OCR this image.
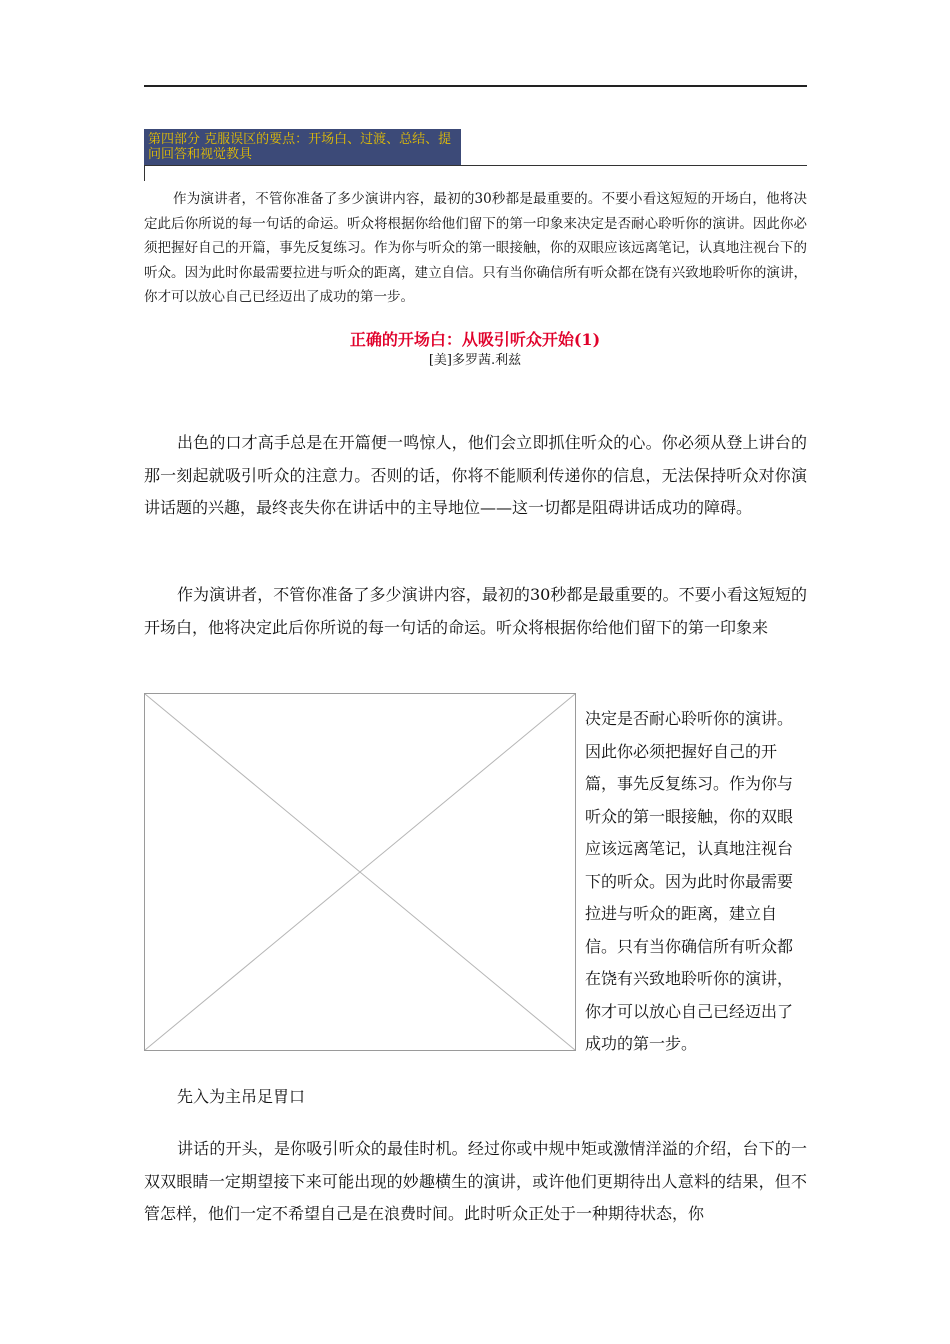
第四部分 克服误区的要点：开场白、过渡、总结、提问回答和视觉教具

作为演讲者，不管你准备了多少演讲内容，最初的30秒都是最重要的。不要小看这短短的开场白，他将决定此后你所说的每一句话的命运。听众将根据你给他们留下的第一印象来决定是否耐心聆听你的演讲。因此你必须把握好自己的开篇，事先反复练习。作为你与听众的第一眼接触，你的双眼应该远离笔记，认真地注视台下的听众。因为此时你最需要拉进与听众的距离，建立自信。只有当你确信所有听众都在饶有兴致地聆听你的演讲，你才可以放心自己已经迈出了成功的第一步。

正确的开场白：从吸引听众开始(1)

[美]多罗茜.利兹

出色的口才高手总是在开篇便一鸣惊人，他们会立即抓住听众的心。你必须从登上讲台的那一刻起就吸引听众的注意力。否则的话，你将不能顺利传递你的信息，无法保持听众对你演讲话题的兴趣，最终丧失你在讲话中的主导地位——这一切都是阻碍讲话成功的障碍。

作为演讲者，不管你准备了多少演讲内容，最初的30秒都是最重要的。不要小看这短短的开场白，他将决定此后你所说的每一句话的命运。听众将根据你给他们留下的第一印象来

决定是否耐心聆听你的演讲。因此你必须把握好自己的开篇，事先反复练习。作为你与听众的第一眼接触，你的双眼应该远离笔记，认真地注视台下的听众。因为此时你最需要拉进与听众的距离，建立自信。只有当你确信所有听众都在饶有兴致地聆听你的演讲，你才可以放心自己已经迈出了成功的第一步。

先入为主吊足胃口

讲话的开头，是你吸引听众的最佳时机。经过你或中规中矩或激情洋溢的介绍，台下的一双双眼睛一定期望接下来可能出现的妙趣横生的演讲，或许他们更期待出人意料的结果，但不管怎样，他们一定不希望自己是在浪费时间。此时听众正处于一种期待状态，你
